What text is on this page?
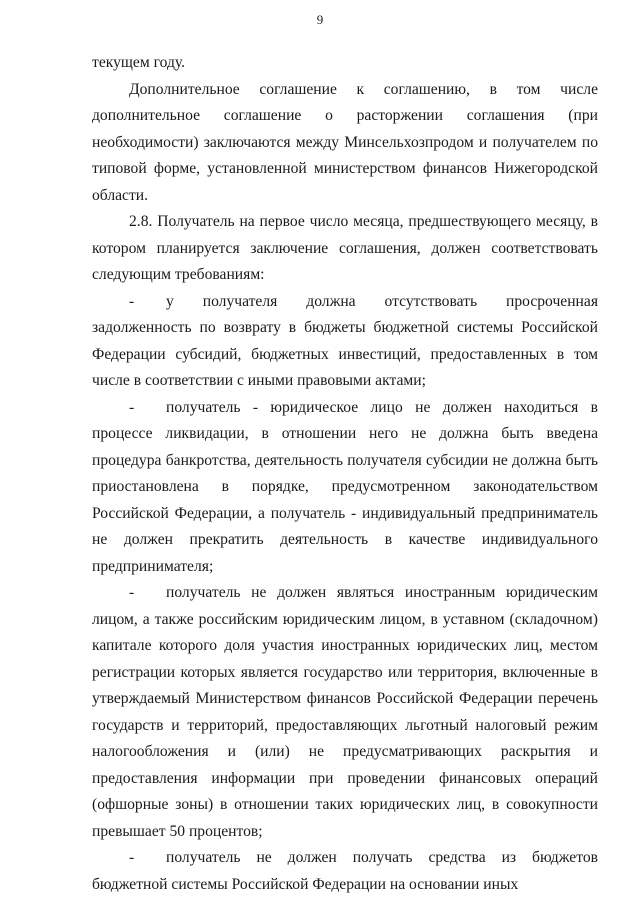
9

текущем году.

Дополнительное соглашение к соглашению, в том числе дополнительное соглашение о расторжении соглашения (при необходимости) заключаются между Минсельхозпродом и получателем по типовой форме, установленной министерством финансов Нижегородской области.

2.8. Получатель на первое число месяца, предшествующего месяцу, в котором планируется заключение соглашения, должен соответствовать следующим требованиям:

- у получателя должна отсутствовать просроченная задолженность по возврату в бюджеты бюджетной системы Российской Федерации субсидий, бюджетных инвестиций, предоставленных в том числе в соответствии с иными правовыми актами;

- получатель - юридическое лицо не должен находиться в процессе ликвидации, в отношении него не должна быть введена процедура банкротства, деятельность получателя субсидии не должна быть приостановлена в порядке, предусмотренном законодательством Российской Федерации, а получатель - индивидуальный предприниматель не должен прекратить деятельность в качестве индивидуального предпринимателя;

- получатель не должен являться иностранным юридическим лицом, а также российским юридическим лицом, в уставном (складочном) капитале которого доля участия иностранных юридических лиц, местом регистрации которых является государство или территория, включенные в утверждаемый Министерством финансов Российской Федерации перечень государств и территорий, предоставляющих льготный налоговый режим налогообложения и (или) не предусматривающих раскрытия и предоставления информации при проведении финансовых операций (офшорные зоны) в отношении таких юридических лиц, в совокупности превышает 50 процентов;

- получатель не должен получать средства из бюджетов бюджетной системы Российской Федерации на основании иных
